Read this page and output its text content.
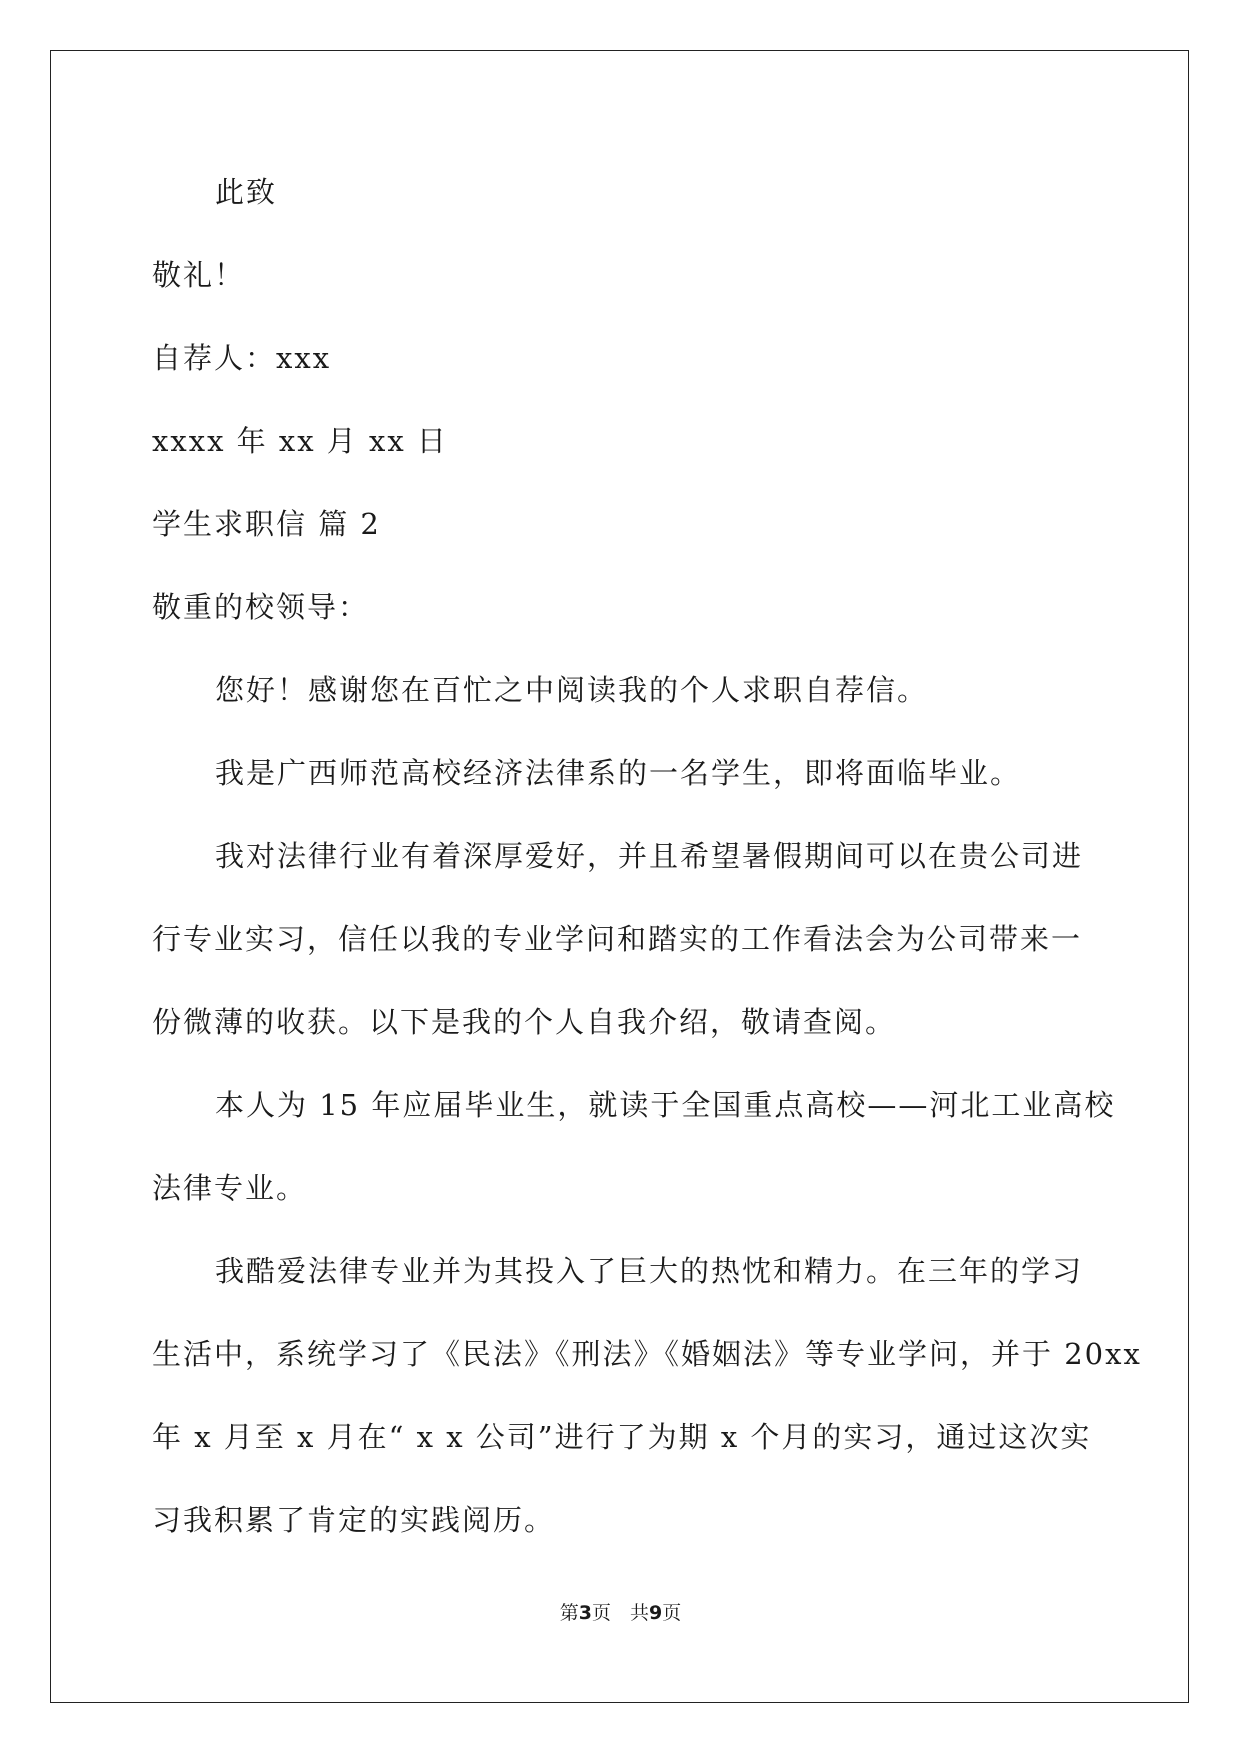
此致
敬礼！
自荐人：xxx
xxxx 年 xx 月 xx 日
学生求职信 篇 2
敬重的校领导：
您好！感谢您在百忙之中阅读我的个人求职自荐信。
我是广西师范高校经济法律系的一名学生，即将面临毕业。
我对法律行业有着深厚爱好，并且希望暑假期间可以在贵公司进
行专业实习，信任以我的专业学问和踏实的工作看法会为公司带来一
份微薄的收获。以下是我的个人自我介绍，敬请查阅。
本人为 15 年应届毕业生，就读于全国重点高校——河北工业高校
法律专业。
我酷爱法律专业并为其投入了巨大的热忱和精力。在三年的学习
生活中，系统学习了《民法》《刑法》《婚姻法》等专业学问，并于 20xx
年 x 月至 x 月在“ x x 公司”进行了为期 x 个月的实习，通过这次实
习我积累了肯定的实践阅历。
第3页　共9页
